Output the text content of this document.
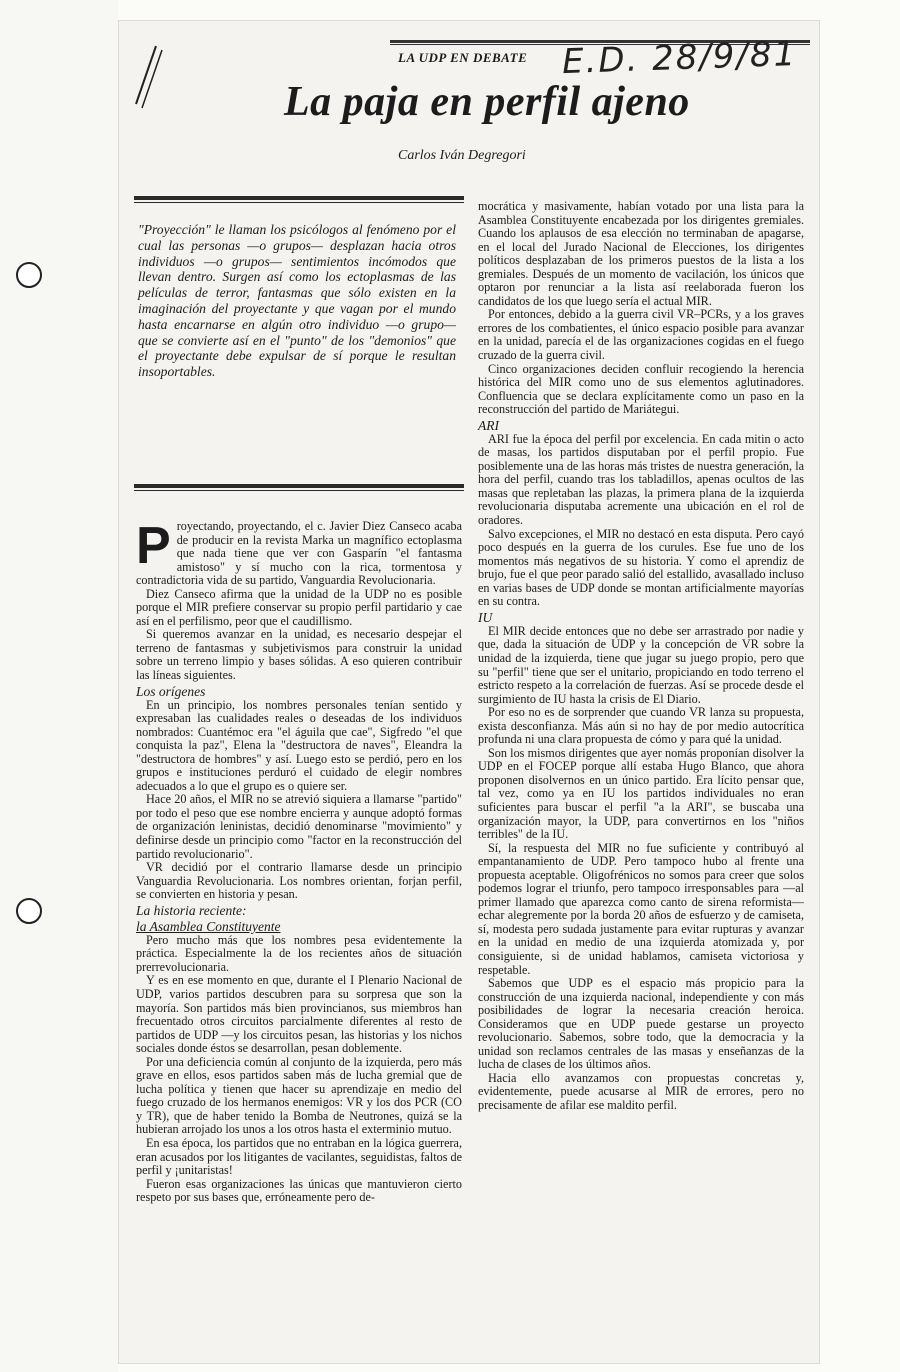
LA UDP EN DEBATE E.D. 28/9/81
La paja en perfil ajeno
Carlos Iván Degregori
"Proyección" le llaman los psicólogos al fenómeno por el cual las personas —o grupos— desplazan hacia otros individuos —o grupos— sentimientos incómodos que llevan dentro. Surgen así como los ectoplasmas de las películas de terror, fantasmas que sólo existen en la imaginación del proyectante y que vagan por el mundo hasta encarnarse en algún otro individuo —o grupo— que se convierte así en el "punto" de los "demonios" que el proyectante debe expulsar de sí porque le resultan insoportables.

Proyectando, proyectando, el c. Javier Diez Canseco acaba de producir en la revista Marka un magnífico ectoplasma que nada tiene que ver con Gasparín "el fantasma amistoso" y sí mucho con la rica, tormentosa y contradictoria vida de su partido, Vanguardia Revolucionaria.

Diez Canseco afirma que la unidad de la UDP no es posible porque el MIR prefiere conservar su propio perfil partidario y cae así en el perfilismo, peor que el caudillismo.

Si queremos avanzar en la unidad, es necesario despejar el terreno de fantasmas y subjetivismos para construir la unidad sobre un terreno limpio y bases sólidas. A eso quieren contribuir las líneas siguientes.

Los orígenes

En un principio, los nombres personales tenían sentido y expresaban las cualidades reales o deseadas de los individuos nombrados: Cuantémoc era "el águila que cae", Sigfredo "el que conquista la paz", Elena la "destructora de naves", Eleandra la "destructora de hombres" y así. Luego esto se perdió, pero en los grupos e instituciones perduró el cuidado de elegir nombres adecuados a lo que el grupo es o quiere ser.

Hace 20 años, el MIR no se atrevió siquiera a llamarse "partido" por todo el peso que ese nombre encierra y aunque adoptó formas de organización leninistas, decidió denominarse "movimiento" y definirse desde un principio como "factor en la reconstrucción del partido revolucionario".

VR decidió por el contrario llamarse desde un principio Vanguardia Revolucionaria. Los nombres orientan, forjan perfil, se convierten en historia y pesan.

La historia reciente:
la Asamblea Constituyente

Pero mucho más que los nombres pesa evidentemente la práctica. Especialmente la de los recientes años de situación prerrevolucionaria.

Y es en ese momento en que, durante el I Plenario Nacional de UDP, varios partidos descubren para su sorpresa que son la mayoría. Son partidos más bien provincianos, sus miembros han frecuentado otros circuitos parcialmente diferentes al resto de partidos de UDP —y los circuitos pesan, las historias y los nichos sociales donde éstos se desarrollan, pesan doblemente.

Por una deficiencia común al conjunto de la izquierda, pero más grave en ellos, esos partidos saben más de lucha gremial que de lucha política y tienen que hacer su aprendizaje en medio del fuego cruzado de los hermanos enemigos: VR y los dos PCR (CO y TR), que de haber tenido la Bomba de Neutrones, quizá se la hubieran arrojado los unos a los otros hasta el exterminio mutuo.

En esa época, los partidos que no entraban en la lógica guerrera, eran acusados por los litigantes de vacilantes, seguidistas, faltos de perfil y ¡unitaristas!

Fueron esas organizaciones las únicas que mantuvieron cierto respeto por sus bases que, erróneamente pero de-

mocrática y masivamente, habían votado por una lista para la Asamblea Constituyente encabezada por los dirigentes gremiales. Cuando los aplausos de esa elección no terminaban de apagarse, en el local del Jurado Nacional de Elecciones, los dirigentes políticos desplazaban de los primeros puestos de la lista a los gremiales. Después de un momento de vacilación, los únicos que optaron por renunciar a la lista así reelaborada fueron los candidatos de los que luego sería el actual MIR.

Por entonces, debido a la guerra civil VR–PCRs, y a los graves errores de los combatientes, el único espacio posible para avanzar en la unidad, parecía el de las organizaciones cogidas en el fuego cruzado de la guerra civil.

Cinco organizaciones deciden confluir recogiendo la herencia histórica del MIR como uno de sus elementos aglutinadores. Confluencia que se declara explícitamente como un paso en la reconstrucción del partido de Mariátegui.

ARI

ARI fue la época del perfil por excelencia. En cada mitin o acto de masas, los partidos disputaban por el perfil propio. Fue posiblemente una de las horas más tristes de nuestra generación, la hora del perfil, cuando tras los tabladillos, apenas ocultos de las masas que repletaban las plazas, la primera plana de la izquierda revolucionaria disputaba acremente una ubicación en el rol de oradores.

Salvo excepciones, el MIR no destacó en esta disputa. Pero cayó poco después en la guerra de los curules. Ese fue uno de los momentos más negativos de su historia. Y como el aprendiz de brujo, fue el que peor parado salió del estallido, avasallado incluso en varias bases de UDP donde se montan artificialmente mayorías en su contra.

IU

El MIR decide entonces que no debe ser arrastrado por nadie y que, dada la situación de UDP y la concepción de VR sobre la unidad de la izquierda, tiene que jugar su juego propio, pero que su "perfil" tiene que ser el unitario, propiciando en todo terreno el estricto respeto a la correlación de fuerzas. Así se procede desde el surgimiento de IU hasta la crisis de El Diario.

Por eso no es de sorprender que cuando VR lanza su propuesta, exista desconfianza. Más aún si no hay de por medio autocrítica profunda ni una clara propuesta de cómo y para qué la unidad.

Son los mismos dirigentes que ayer nomás proponían disolver la UDP en el FOCEP porque allí estaba Hugo Blanco, que ahora proponen disolvernos en un único partido. Era lícito pensar que, tal vez, como ya en IU los partidos individuales no eran suficientes para buscar el perfil "a la ARI", se buscaba una organización mayor, la UDP, para convertirnos en los "niños terribles" de la IU.

Sí, la respuesta del MIR no fue suficiente y contribuyó al empantanamiento de UDP. Pero tampoco hubo al frente una propuesta aceptable. Oligofrénicos no somos para creer que solos podemos lograr el triunfo, pero tampoco irresponsables para —al primer llamado que aparezca como canto de sirena reformista— echar alegremente por la borda 20 años de esfuerzo y de camiseta, sí, modesta pero sudada justamente para evitar rupturas y avanzar en la unidad en medio de una izquierda atomizada y, por consiguiente, si de unidad hablamos, camiseta victoriosa y respetable.

Sabemos que UDP es el espacio más propicio para la construcción de una izquierda nacional, independiente y con más posibilidades de lograr la necesaria creación heroica. Consideramos que en UDP puede gestarse un proyecto revolucionario. Sabemos, sobre todo, que la democracia y la unidad son reclamos centrales de las masas y enseñanzas de la lucha de clases de los últimos años.

Hacia ello avanzamos con propuestas concretas y, evidentemente, puede acusarse al MIR de errores, pero no precisamente de afilar ese maldito perfil.
